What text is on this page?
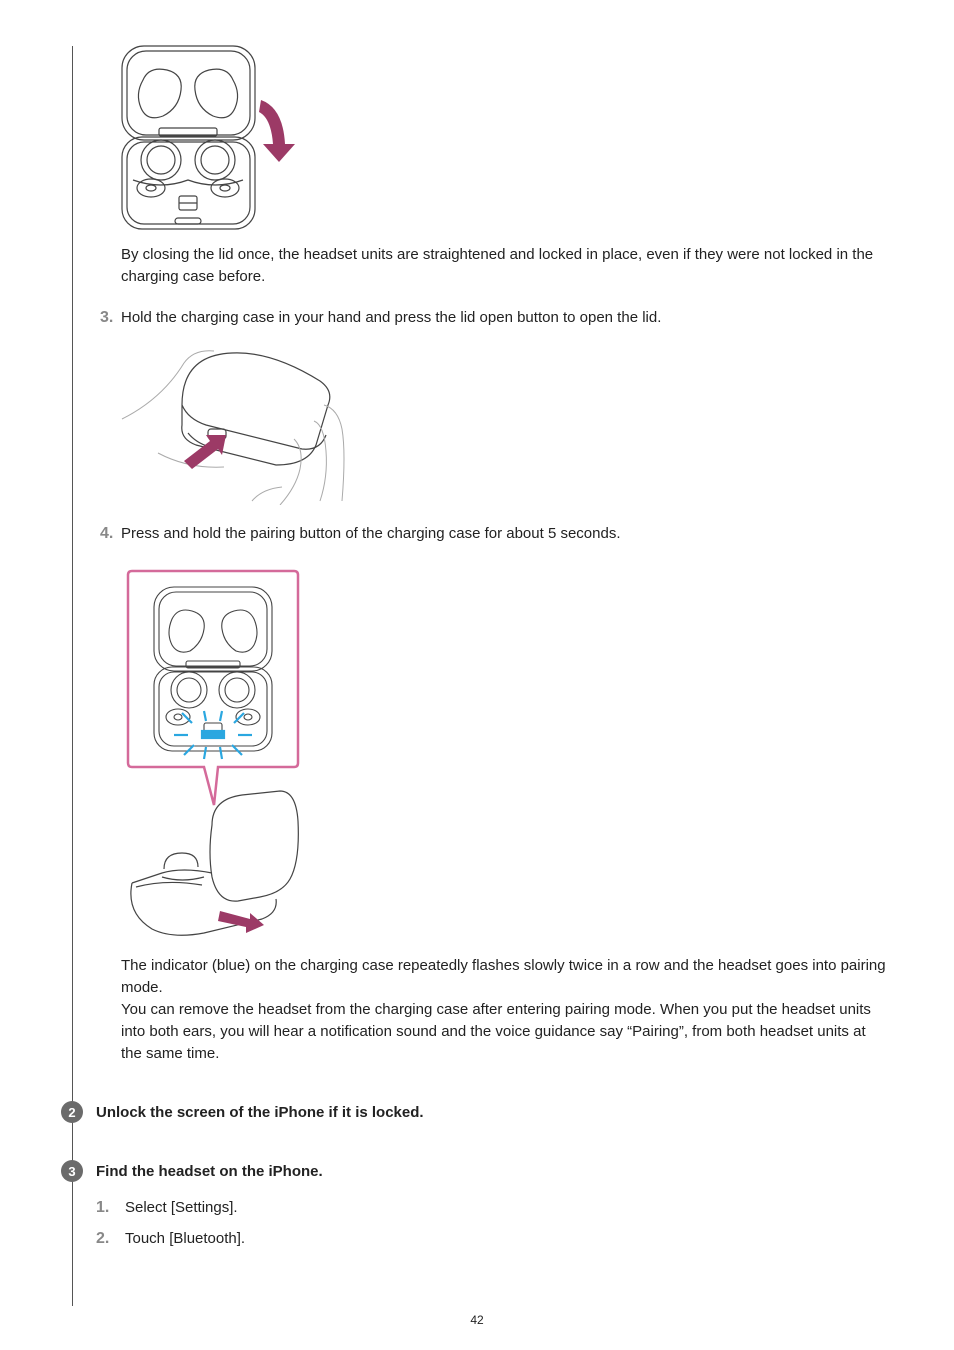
By closing the lid once, the headset units are straightened and locked in place, even if they were not locked in the charging case before.
3. Hold the charging case in your hand and press the lid open button to open the lid.
4. Press and hold the pairing button of the charging case for about 5 seconds.
The indicator (blue) on the charging case repeatedly flashes slowly twice in a row and the headset goes into pairing mode.
You can remove the headset from the charging case after entering pairing mode. When you put the headset units into both ears, you will hear a notification sound and the voice guidance say “Pairing”, from both headset units at the same time.
2	Unlock the screen of the iPhone if it is locked.
3	Find the headset on the iPhone.
1. Select [Settings].
2. Touch [Bluetooth].
42
